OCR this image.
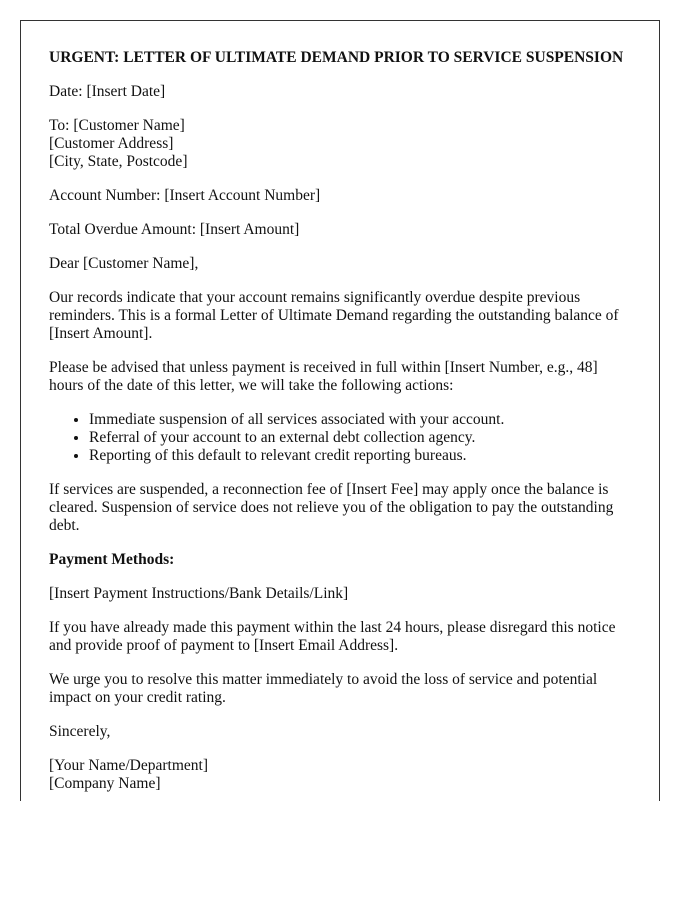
URGENT: LETTER OF ULTIMATE DEMAND PRIOR TO SERVICE SUSPENSION

Date: [Insert Date]

To: [Customer Name]
[Customer Address]
[City, State, Postcode]

Account Number: [Insert Account Number]

Total Overdue Amount: [Insert Amount]

Dear [Customer Name],

Our records indicate that your account remains significantly overdue despite previous reminders. This is a formal Letter of Ultimate Demand regarding the outstanding balance of [Insert Amount].

Please be advised that unless payment is received in full within [Insert Number, e.g., 48] hours of the date of this letter, we will take the following actions:

• Immediate suspension of all services associated with your account.
• Referral of your account to an external debt collection agency.
• Reporting of this default to relevant credit reporting bureaus.

If services are suspended, a reconnection fee of [Insert Fee] may apply once the balance is cleared. Suspension of service does not relieve you of the obligation to pay the outstanding debt.

Payment Methods:

[Insert Payment Instructions/Bank Details/Link]

If you have already made this payment within the last 24 hours, please disregard this notice and provide proof of payment to [Insert Email Address].

We urge you to resolve this matter immediately to avoid the loss of service and potential impact on your credit rating.

Sincerely,

[Your Name/Department]
[Company Name]
